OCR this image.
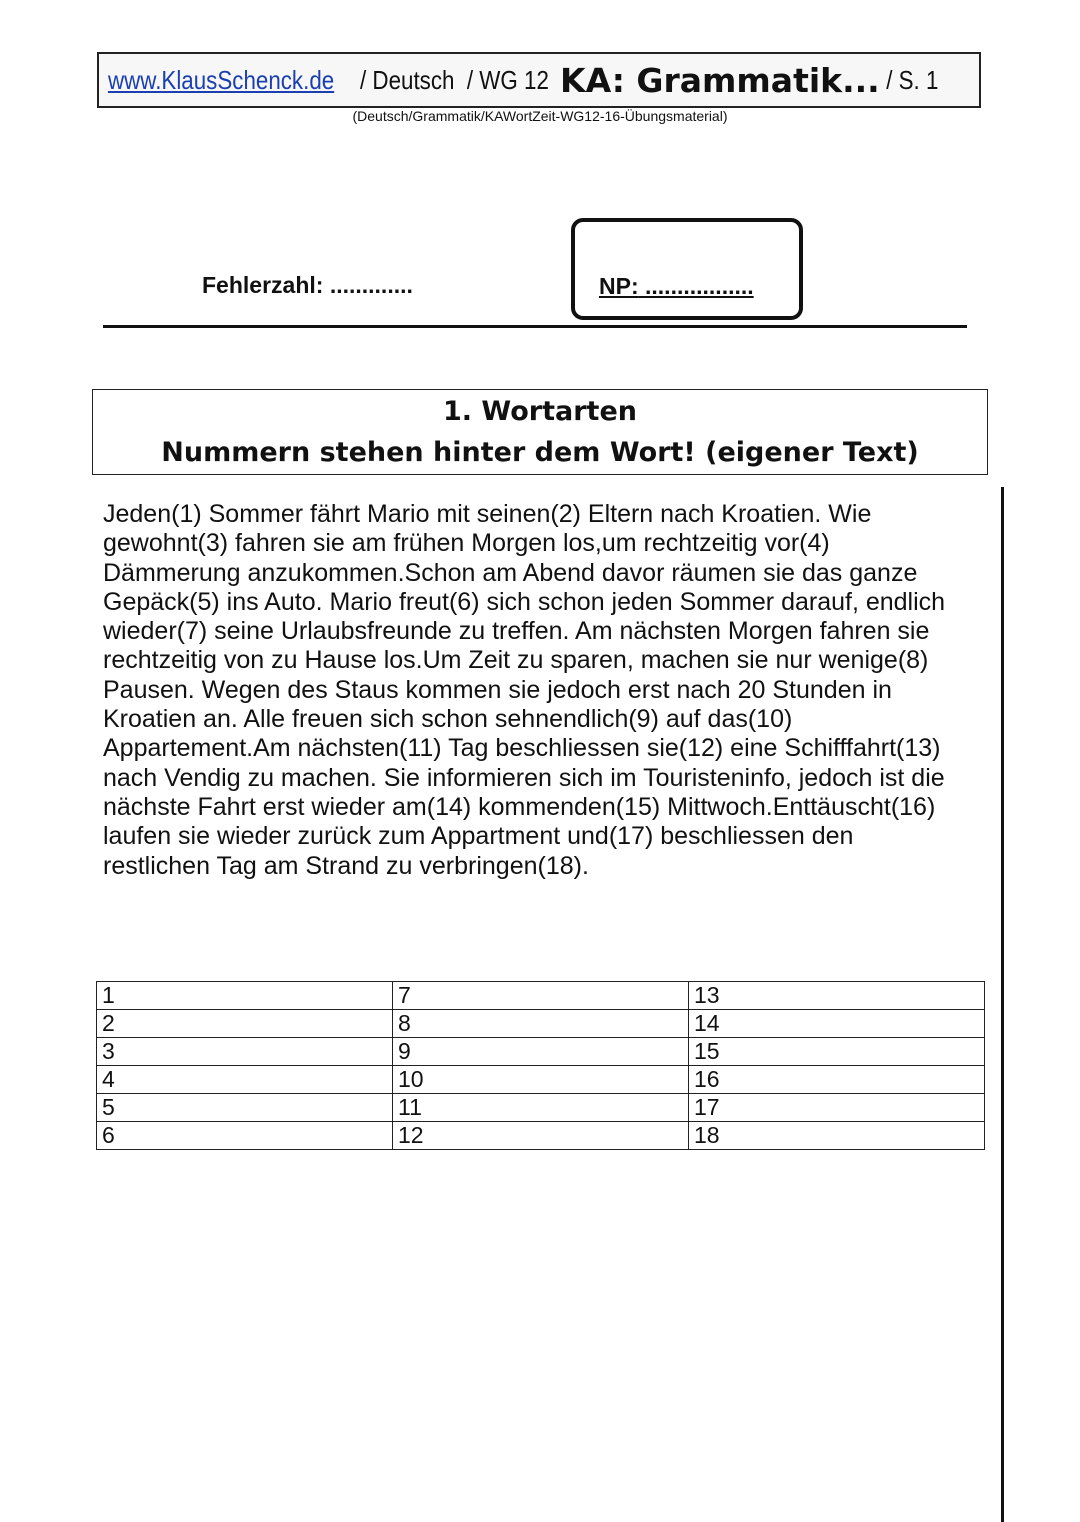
www.KlausSchenck.de / Deutsch  / WG 12 KA: Grammatik... / S. 1
(Deutsch/Grammatik/KAWortZeit-WG12-16-Übungsmaterial)
Fehlerzahl: .............	NP: .................
1. Wortarten
Nummern stehen hinter dem Wort! (eigener Text)
Jeden(1) Sommer fährt Mario mit seinen(2) Eltern nach Kroatien. Wie
gewohnt(3) fahren sie am frühen Morgen los,um rechtzeitig vor(4)
Dämmerung anzukommen.Schon am Abend davor räumen sie das ganze
Gepäck(5) ins Auto. Mario freut(6) sich schon jeden Sommer darauf, endlich
wieder(7) seine Urlaubsfreunde zu treffen. Am nächsten Morgen fahren sie
rechtzeitig von zu Hause los.Um Zeit zu sparen, machen sie nur wenige(8)
Pausen. Wegen des Staus kommen sie jedoch erst nach 20 Stunden in
Kroatien an. Alle freuen sich schon sehnendlich(9) auf das(10)
Appartement.Am nächsten(11) Tag beschliessen sie(12) eine Schifffahrt(13)
nach Vendig zu machen. Sie informieren sich im Touristeninfo, jedoch ist die
nächste Fahrt erst wieder am(14) kommenden(15) Mittwoch.Enttäuscht(16)
laufen sie wieder zurück zum Appartment und(17) beschliessen den
restlichen Tag am Strand zu verbringen(18).
1	7	13
2	8	14
3	9	15
4	10	16
5	11	17
6	12	18
